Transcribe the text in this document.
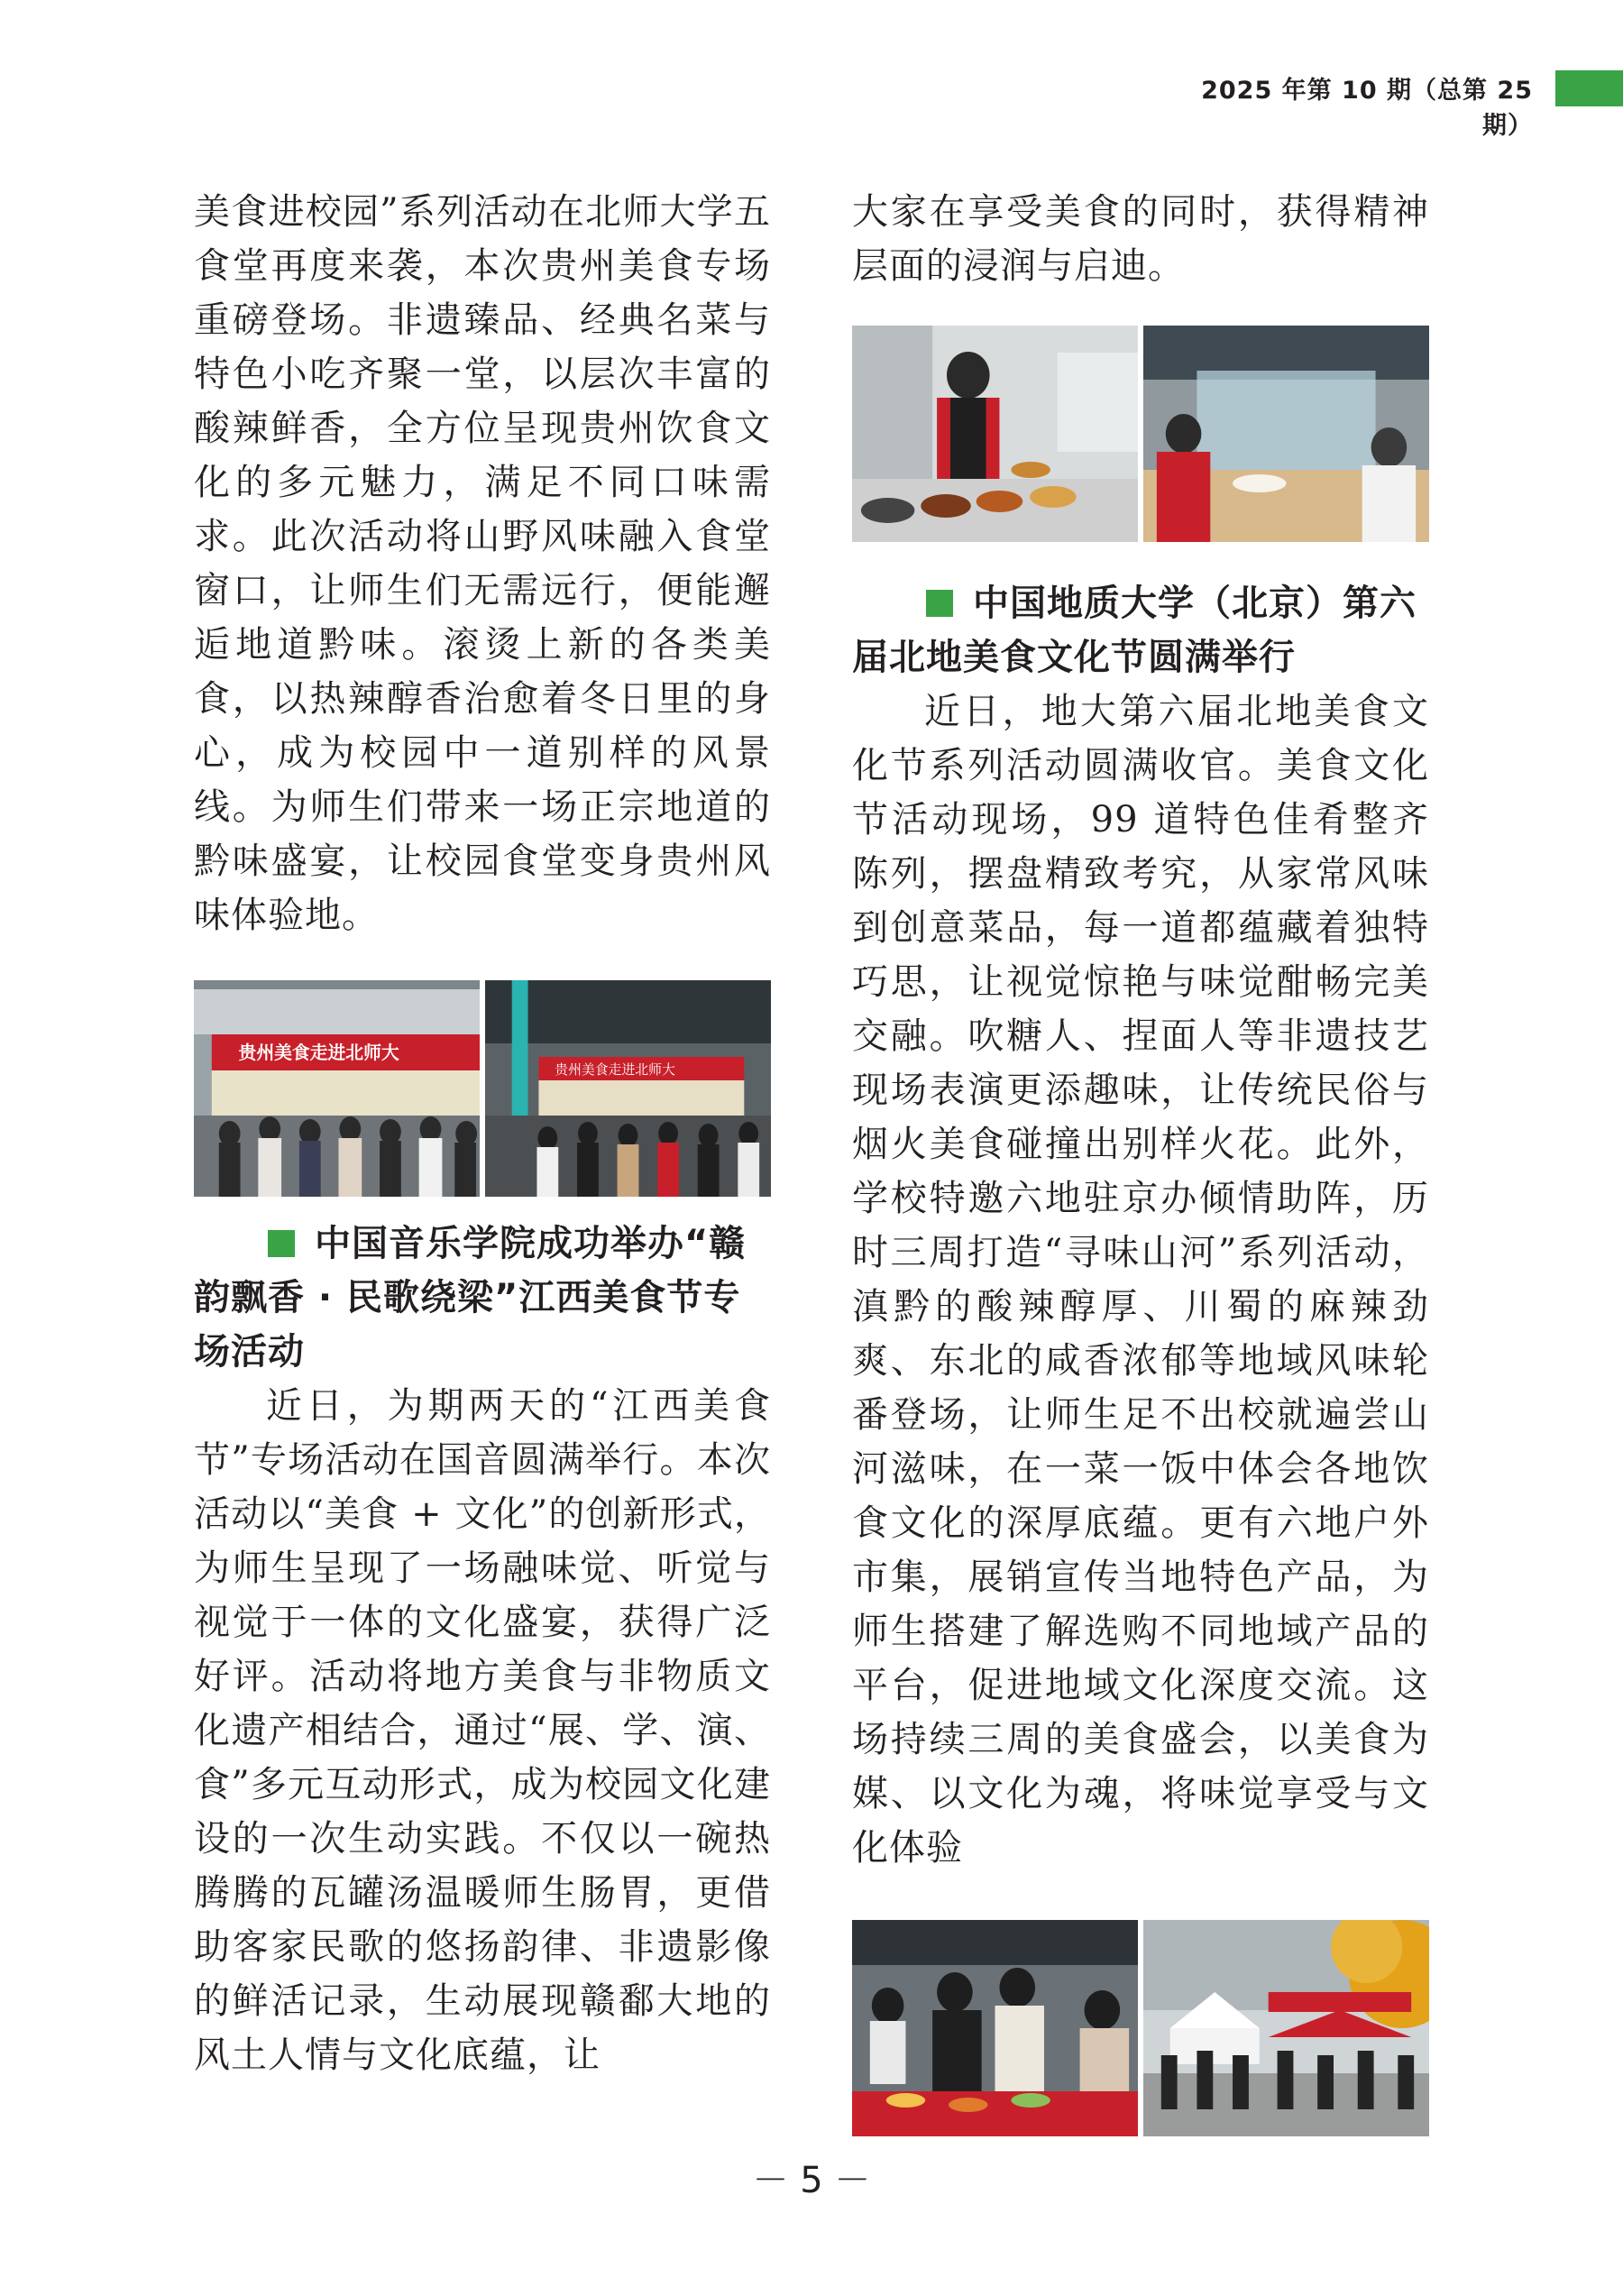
2025 年第 10 期（总第 25 期）

美食进校园”系列活动在北师大学五食堂再度来袭，本次贵州美食专场重磅登场。非遗臻品、经典名菜与特色小吃齐聚一堂，以层次丰富的酸辣鲜香，全方位呈现贵州饮食文化的多元魅力，满足不同口味需求。此次活动将山野风味融入食堂窗口，让师生们无需远行，便能邂逅地道黔味。滚烫上新的各类美食，以热辣醇香治愈着冬日里的身心，成为校园中一道别样的风景线。为师生们带来一场正宗地道的黔味盛宴，让校园食堂变身贵州风味体验地。

贵州美食走进北师大
贵州美食走进北师大

中国音乐学院成功举办“赣韵飘香 · 民歌绕梁”江西美食节专场活动

近日，为期两天的“江西美食节”专场活动在国音圆满举行。本次活动以“美食 + 文化”的创新形式，为师生呈现了一场融味觉、听觉与视觉于一体的文化盛宴，获得广泛好评。活动将地方美食与非物质文化遗产相结合，通过“展、学、演、食”多元互动形式，成为校园文化建设的一次生动实践。不仅以一碗热腾腾的瓦罐汤温暖师生肠胃，更借助客家民歌的悠扬韵律、非遗影像的鲜活记录，生动展现赣鄱大地的风土人情与文化底蕴，让

大家在享受美食的同时，获得精神层面的浸润与启迪。

中国地质大学（北京）第六届北地美食文化节圆满举行

近日，地大第六届北地美食文化节系列活动圆满收官。美食文化节活动现场，99 道特色佳肴整齐陈列，摆盘精致考究，从家常风味到创意菜品，每一道都蕴藏着独特巧思，让视觉惊艳与味觉酣畅完美交融。吹糖人、捏面人等非遗技艺现场表演更添趣味，让传统民俗与烟火美食碰撞出别样火花。此外，学校特邀六地驻京办倾情助阵，历时三周打造“寻味山河”系列活动，滇黔的酸辣醇厚、川蜀的麻辣劲爽、东北的咸香浓郁等地域风味轮番登场，让师生足不出校就遍尝山河滋味，在一菜一饭中体会各地饮食文化的深厚底蕴。更有六地户外市集，展销宣传当地特色产品，为师生搭建了解选购不同地域产品的平台，促进地域文化深度交流。这场持续三周的美食盛会，以美食为媒、以文化为魂，将味觉享受与文化体验

－ 5 －
